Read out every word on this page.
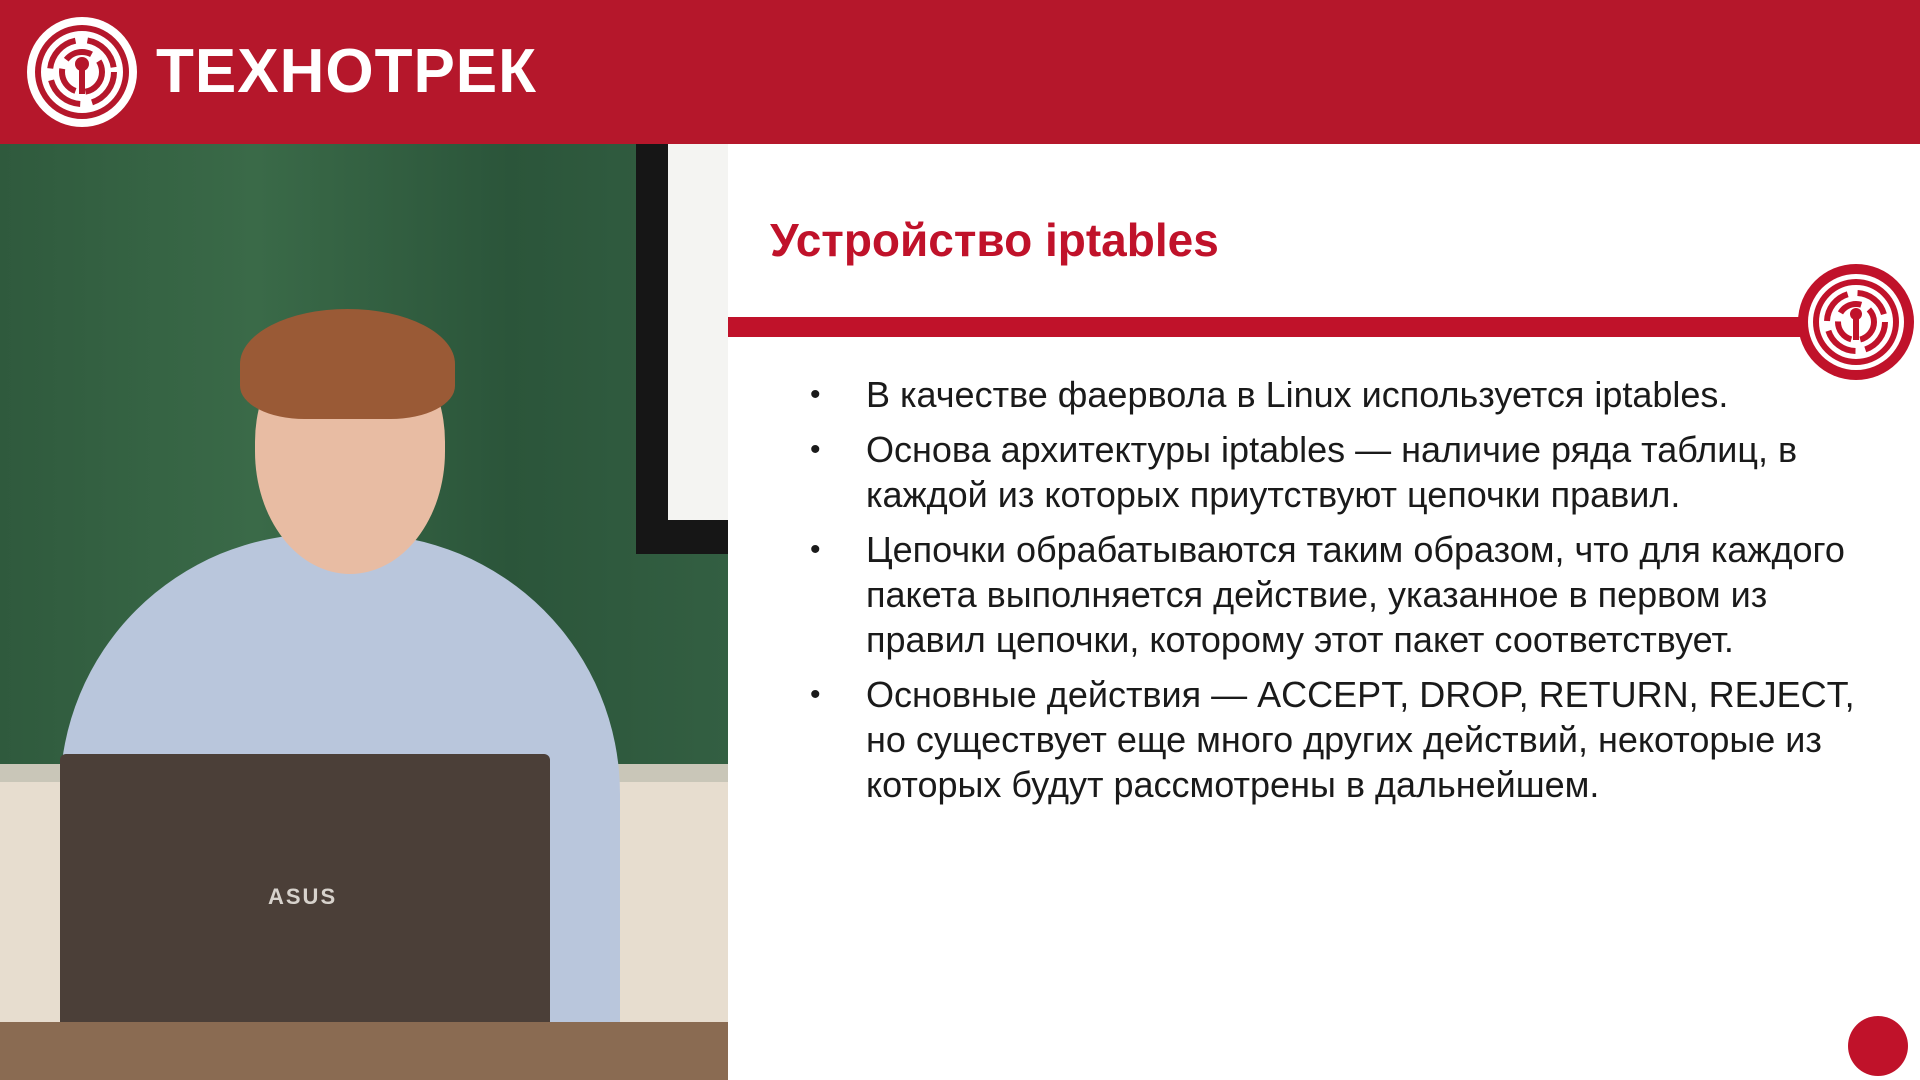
ТЕХНОТРЕК
ASUS
Устройство iptables
• В качестве фаервола в Linux используется iptables.
• Основа архитектуры iptables — наличие ряда таблиц, в каждой из которых приутствуют цепочки правил.
• Цепочки обрабатываются таким образом, что для каждого пакета выполняется действие, указанное в первом из правил цепочки, которому этот пакет соответствует.
• Основные действия — ACCEPT, DROP, RETURN, REJECT, но существует еще много других действий, некоторые из которых будут рассмотрены в дальнейшем.
